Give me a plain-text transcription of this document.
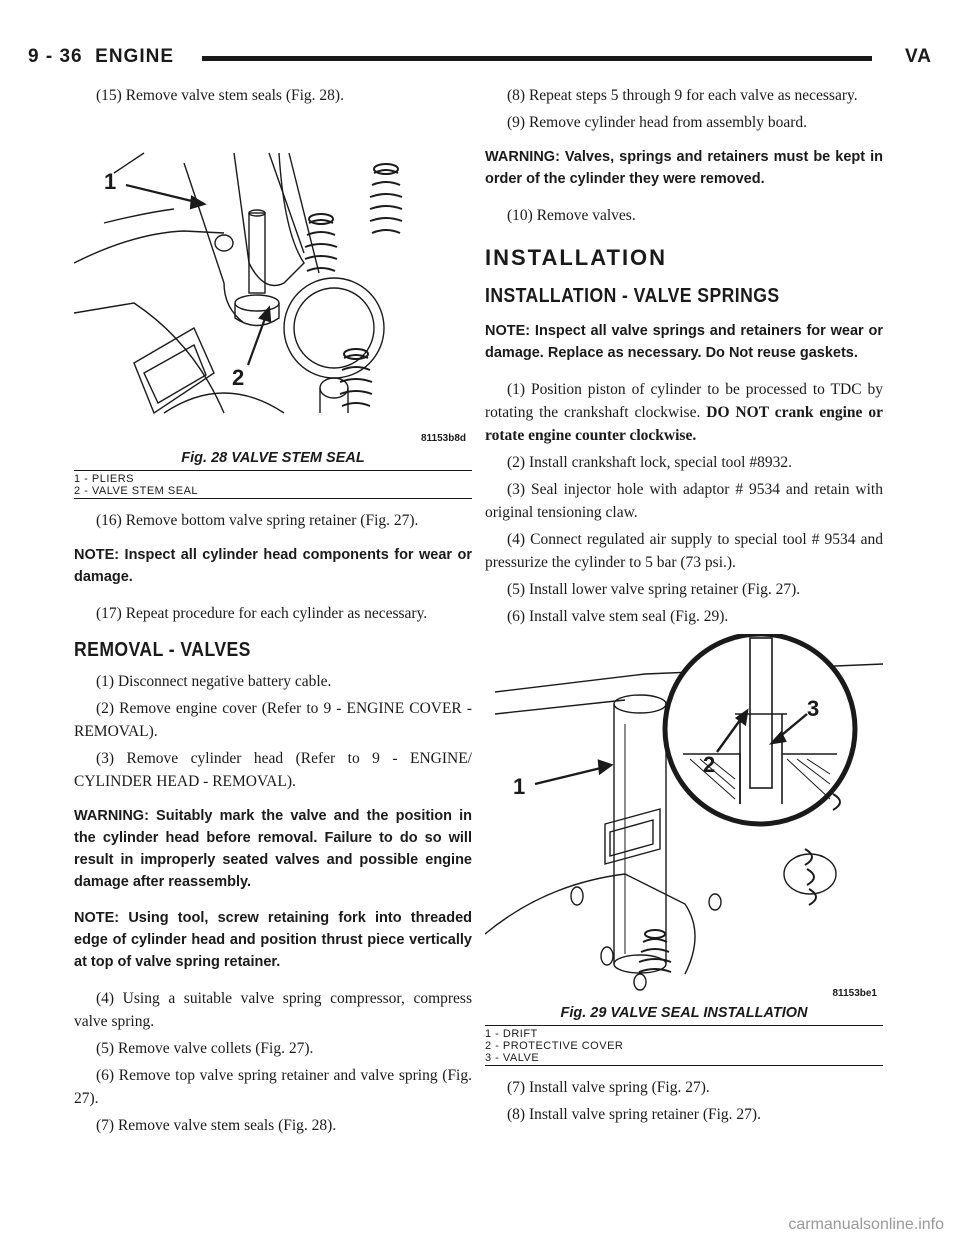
9 - 36 ENGINE	VA

(15) Remove valve stem seals (Fig. 28).

1
2
81153b8d
Fig. 28 VALVE STEM SEAL
1 - PLIERS
2 - VALVE STEM SEAL

(16) Remove bottom valve spring retainer (Fig. 27).

NOTE: Inspect all cylinder head components for wear or damage.

(17) Repeat procedure for each cylinder as necessary.

REMOVAL - VALVES

(1) Disconnect negative battery cable.

(2) Remove engine cover (Refer to 9 - ENGINE COVER - REMOVAL).

(3) Remove cylinder head (Refer to 9 - ENGINE/ CYLINDER HEAD - REMOVAL).

WARNING: Suitably mark the valve and the position in the cylinder head before removal. Failure to do so will result in improperly seated valves and possible engine damage after reassembly.

NOTE: Using tool, screw retaining fork into threaded edge of cylinder head and position thrust piece vertically at top of valve spring retainer.

(4) Using a suitable valve spring compressor, compress valve spring.

(5) Remove valve collets (Fig. 27).

(6) Remove top valve spring retainer and valve spring (Fig. 27).

(7) Remove valve stem seals (Fig. 28).

(8) Repeat steps 5 through 9 for each valve as necessary.

(9) Remove cylinder head from assembly board.

WARNING: Valves, springs and retainers must be kept in order of the cylinder they were removed.

(10) Remove valves.

INSTALLATION
INSTALLATION - VALVE SPRINGS

NOTE: Inspect all valve springs and retainers for wear or damage. Replace as necessary. Do Not reuse gaskets.

(1) Position piston of cylinder to be processed to TDC by rotating the crankshaft clockwise. DO NOT crank engine or rotate engine counter clockwise.

(2) Install crankshaft lock, special tool #8932.

(3) Seal injector hole with adaptor # 9534 and retain with original tensioning claw.

(4) Connect regulated air supply to special tool # 9534 and pressurize the cylinder to 5 bar (73 psi.).

(5) Install lower valve spring retainer (Fig. 27).

(6) Install valve stem seal (Fig. 29).

1
2
3
81153be1
Fig. 29 VALVE SEAL INSTALLATION
1 - DRIFT
2 - PROTECTIVE COVER
3 - VALVE

(7) Install valve spring (Fig. 27).

(8) Install valve spring retainer (Fig. 27).

carmanualsonline.info
